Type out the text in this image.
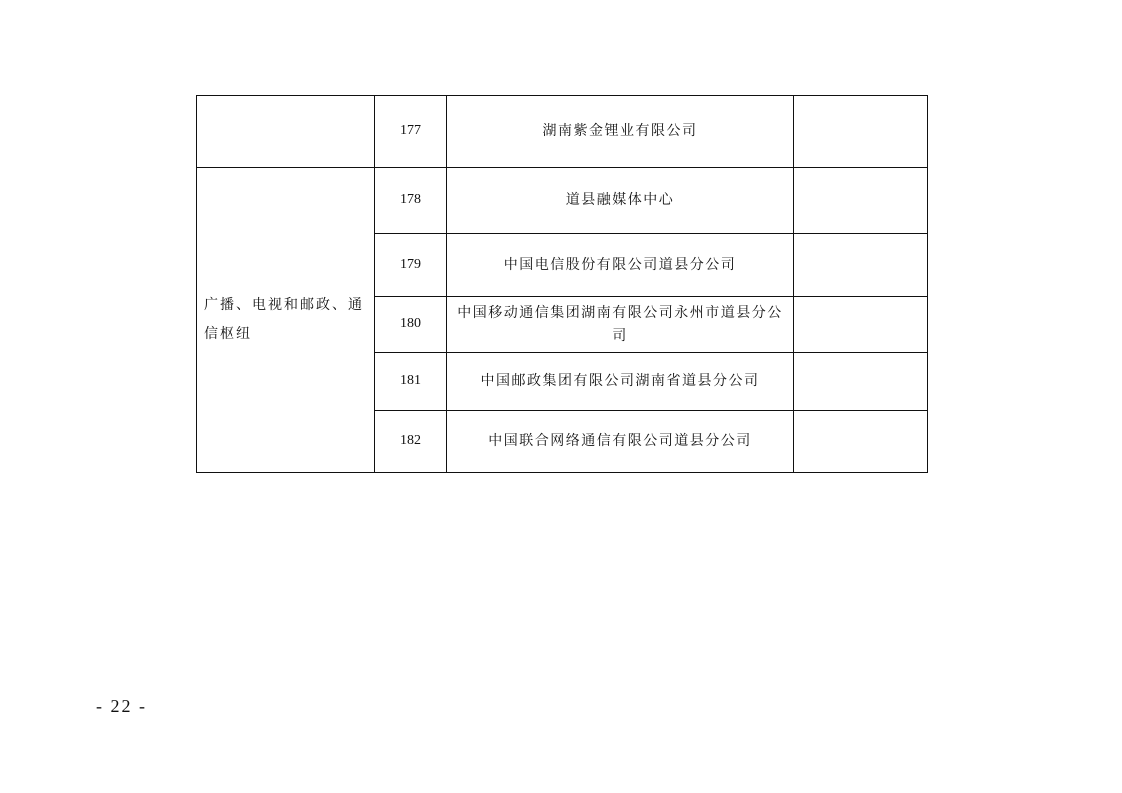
	177	湖南紫金锂业有限公司	
广播、电视和邮政、通信枢纽	178	道县融媒体中心	
	179	中国电信股份有限公司道县分公司	
	180	中国移动通信集团湖南有限公司永州市道县分公司	
	181	中国邮政集团有限公司湖南省道县分公司	
	182	中国联合网络通信有限公司道县分公司	
- 22 -
